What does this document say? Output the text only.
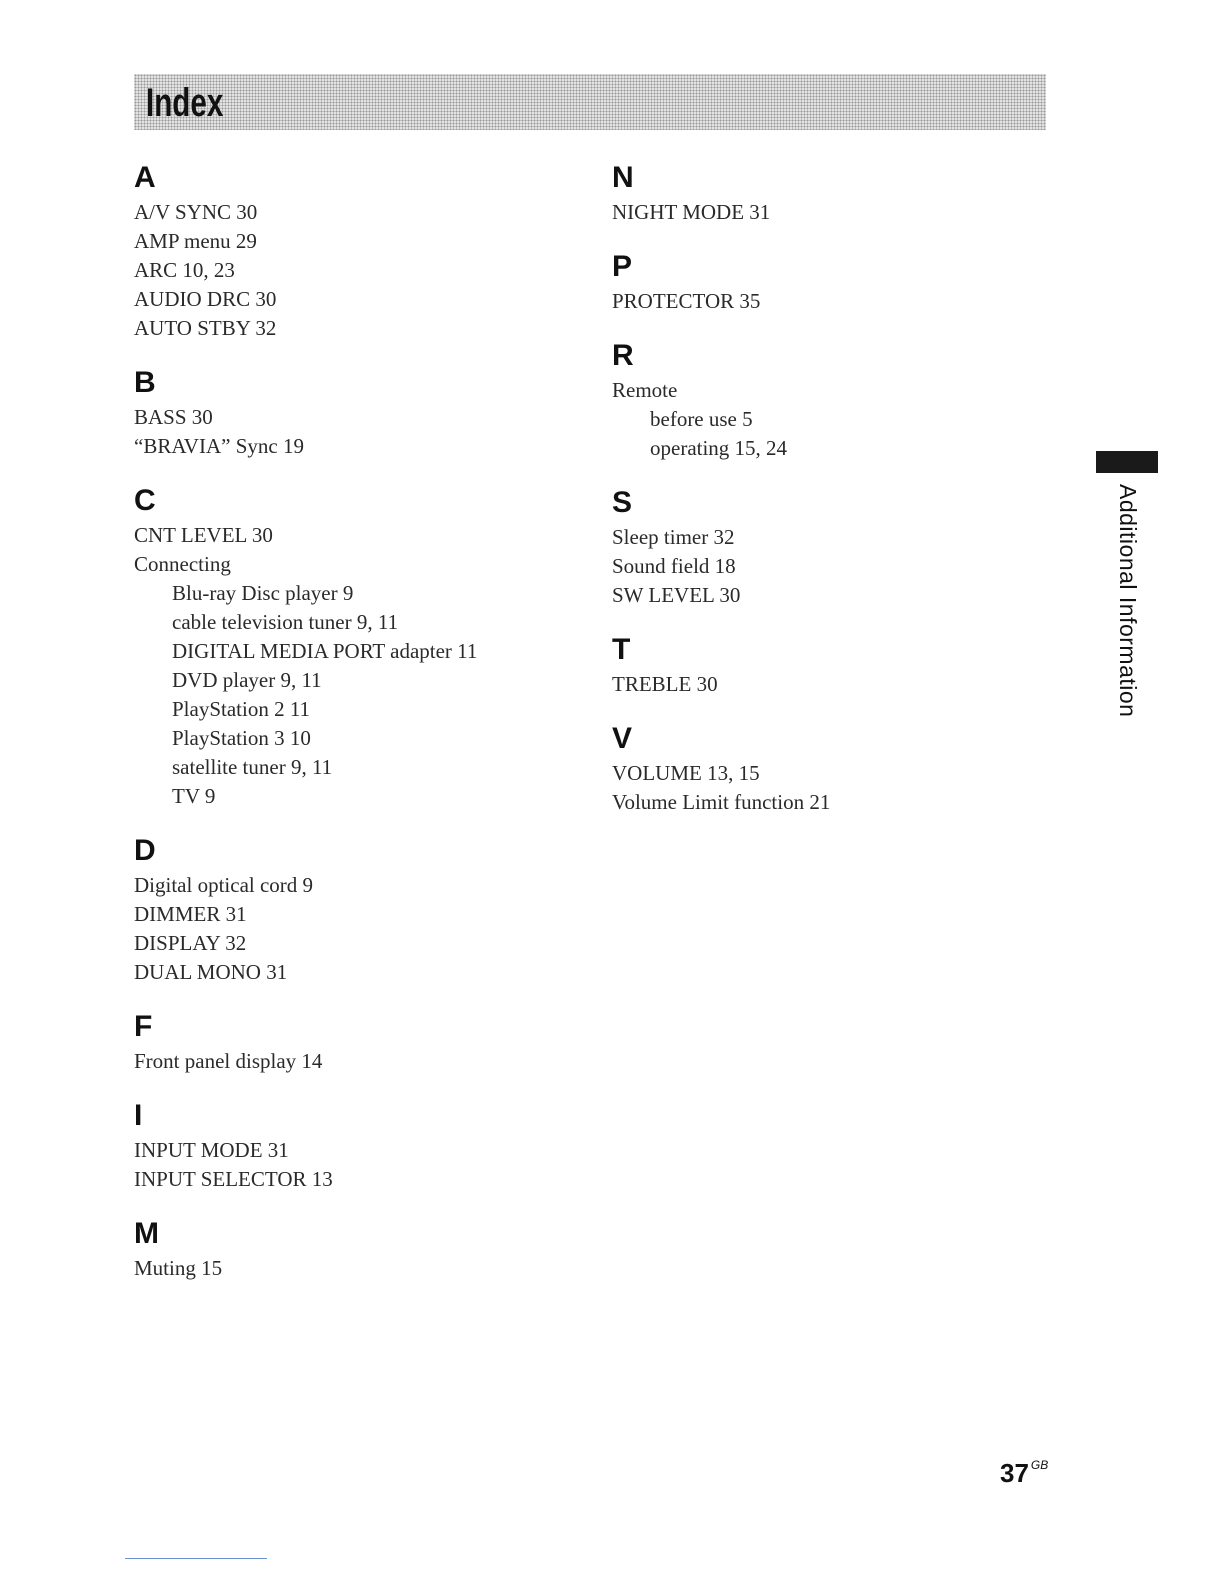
Index
A
A/V SYNC 30
AMP menu 29
ARC 10, 23
AUDIO DRC 30
AUTO STBY 32
B
BASS 30
“BRAVIA” Sync 19
C
CNT LEVEL 30
Connecting
Blu-ray Disc player 9
cable television tuner 9, 11
DIGITAL MEDIA PORT adapter 11
DVD player 9, 11
PlayStation 2 11
PlayStation 3 10
satellite tuner 9, 11
TV 9
D
Digital optical cord 9
DIMMER 31
DISPLAY 32
DUAL MONO 31
F
Front panel display 14
I
INPUT MODE 31
INPUT SELECTOR 13
M
Muting 15
N
NIGHT MODE 31
P
PROTECTOR 35
R
Remote
before use 5
operating 15, 24
S
Sleep timer 32
Sound field 18
SW LEVEL 30
T
TREBLE 30
V
VOLUME 13, 15
Volume Limit function 21
Additional Information
37 $^{GB}$
